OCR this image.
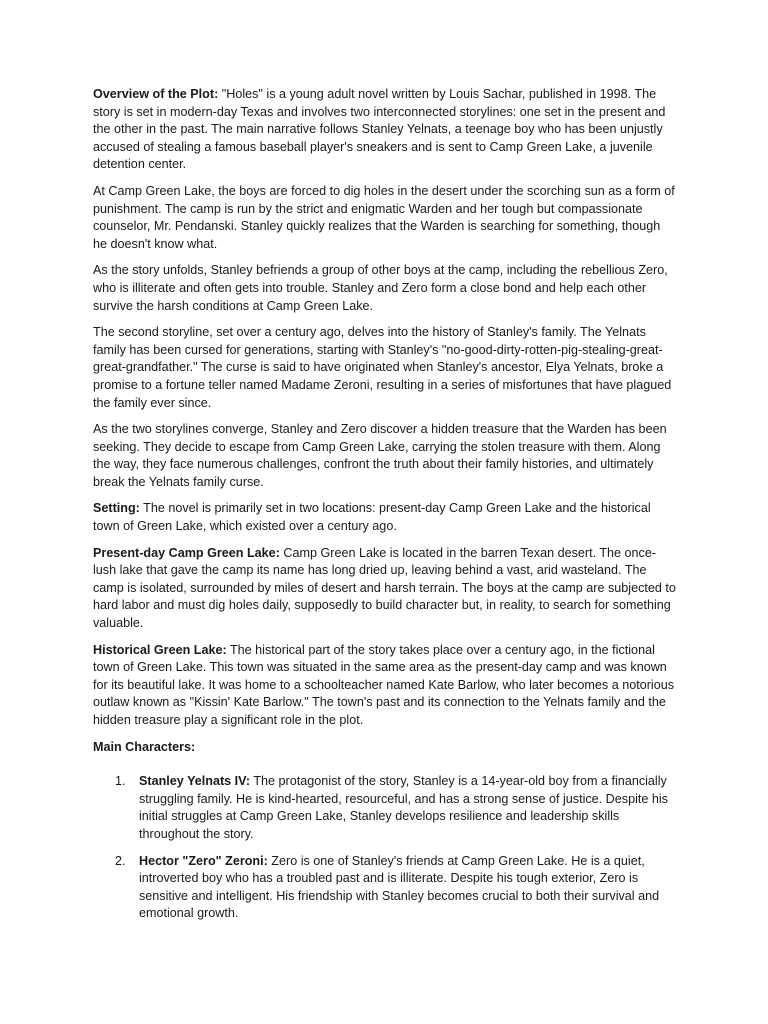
Overview of the Plot: "Holes" is a young adult novel written by Louis Sachar, published in 1998. The story is set in modern-day Texas and involves two interconnected storylines: one set in the present and the other in the past. The main narrative follows Stanley Yelnats, a teenage boy who has been unjustly accused of stealing a famous baseball player's sneakers and is sent to Camp Green Lake, a juvenile detention center.

At Camp Green Lake, the boys are forced to dig holes in the desert under the scorching sun as a form of punishment. The camp is run by the strict and enigmatic Warden and her tough but compassionate counselor, Mr. Pendanski. Stanley quickly realizes that the Warden is searching for something, though he doesn't know what.

As the story unfolds, Stanley befriends a group of other boys at the camp, including the rebellious Zero, who is illiterate and often gets into trouble. Stanley and Zero form a close bond and help each other survive the harsh conditions at Camp Green Lake.

The second storyline, set over a century ago, delves into the history of Stanley's family. The Yelnats family has been cursed for generations, starting with Stanley's "no-good-dirty-rotten-pig-stealing-great-great-grandfather." The curse is said to have originated when Stanley's ancestor, Elya Yelnats, broke a promise to a fortune teller named Madame Zeroni, resulting in a series of misfortunes that have plagued the family ever since.

As the two storylines converge, Stanley and Zero discover a hidden treasure that the Warden has been seeking. They decide to escape from Camp Green Lake, carrying the stolen treasure with them. Along the way, they face numerous challenges, confront the truth about their family histories, and ultimately break the Yelnats family curse.

Setting: The novel is primarily set in two locations: present-day Camp Green Lake and the historical town of Green Lake, which existed over a century ago.

Present-day Camp Green Lake: Camp Green Lake is located in the barren Texan desert. The once-lush lake that gave the camp its name has long dried up, leaving behind a vast, arid wasteland. The camp is isolated, surrounded by miles of desert and harsh terrain. The boys at the camp are subjected to hard labor and must dig holes daily, supposedly to build character but, in reality, to search for something valuable.

Historical Green Lake: The historical part of the story takes place over a century ago, in the fictional town of Green Lake. This town was situated in the same area as the present-day camp and was known for its beautiful lake. It was home to a schoolteacher named Kate Barlow, who later becomes a notorious outlaw known as "Kissin' Kate Barlow." The town's past and its connection to the Yelnats family and the hidden treasure play a significant role in the plot.

Main Characters:

1. Stanley Yelnats IV: The protagonist of the story, Stanley is a 14-year-old boy from a financially struggling family. He is kind-hearted, resourceful, and has a strong sense of justice. Despite his initial struggles at Camp Green Lake, Stanley develops resilience and leadership skills throughout the story.
2. Hector "Zero" Zeroni: Zero is one of Stanley's friends at Camp Green Lake. He is a quiet, introverted boy who has a troubled past and is illiterate. Despite his tough exterior, Zero is sensitive and intelligent. His friendship with Stanley becomes crucial to both their survival and emotional growth.
